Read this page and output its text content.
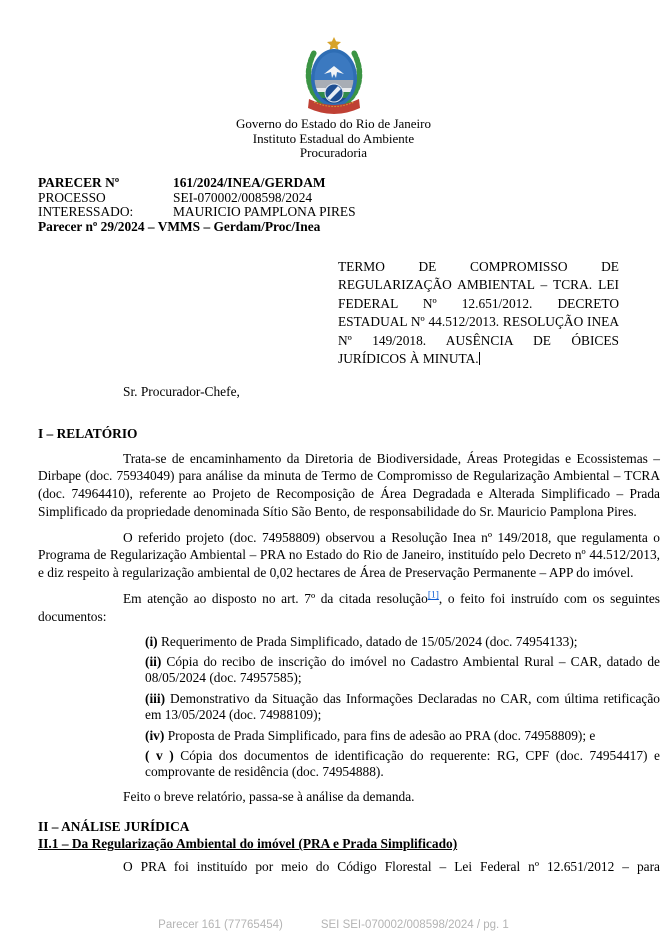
Governo do Estado do Rio de Janeiro
Instituto Estadual do Ambiente
Procuradoria
PARECER Nº	161/2024/INEA/GERDAM
PROCESSO	SEI-070002/008598/2024
INTERESSADO:	MAURICIO PAMPLONA PIRES
Parecer nº 29/2024 – VMMS – Gerdam/Proc/Inea
TERMO DE COMPROMISSO DE REGULARIZAÇÃO AMBIENTAL – TCRA. LEI FEDERAL Nº 12.651/2012. DECRETO ESTADUAL Nº 44.512/2013. RESOLUÇÃO INEA Nº 149/2018. AUSÊNCIA DE ÓBICES JURÍDICOS À MINUTA.

Sr. Procurador-Chefe,

I – RELATÓRIO

Trata-se de encaminhamento da Diretoria de Biodiversidade, Áreas Protegidas e Ecossistemas – Dirbape (doc. 75934049) para análise da minuta de Termo de Compromisso de Regularização Ambiental – TCRA (doc. 74964410), referente ao Projeto de Recomposição de Área Degradada e Alterada Simplificado – Prada Simplificado da propriedade denominada Sítio São Bento, de responsabilidade do Sr. Mauricio Pamplona Pires.

O referido projeto (doc. 74958809) observou a Resolução Inea nº 149/2018, que regulamenta o Programa de Regularização Ambiental – PRA no Estado do Rio de Janeiro, instituído pelo Decreto nº 44.512/2013, e diz respeito à regularização ambiental de 0,02 hectares de Área de Preservação Permanente – APP do imóvel.

Em atenção ao disposto no art. 7º da citada resolução[1], o feito foi instruído com os seguintes documentos:

(i) Requerimento de Prada Simplificado, datado de 15/05/2024 (doc. 74954133);

(ii) Cópia do recibo de inscrição do imóvel no Cadastro Ambiental Rural – CAR, datado de 08/05/2024 (doc. 74957585);

(iii) Demonstrativo da Situação das Informações Declaradas no CAR, com última retificação em 13/05/2024 (doc. 74988109);

(iv) Proposta de Prada Simplificado, para fins de adesão ao PRA (doc. 74958809); e

( v ) Cópia dos documentos de identificação do requerente: RG, CPF (doc. 74954417) e comprovante de residência (doc. 74954888).

Feito o breve relatório, passa-se à análise da demanda.

II – ANÁLISE JURÍDICA
II.1 – Da Regularização Ambiental do imóvel (PRA e Prada Simplificado)

O PRA foi instituído por meio do Código Florestal – Lei Federal nº 12.651/2012 – para

Parecer 161 (77765454)	SEI SEI-070002/008598/2024 / pg. 1
